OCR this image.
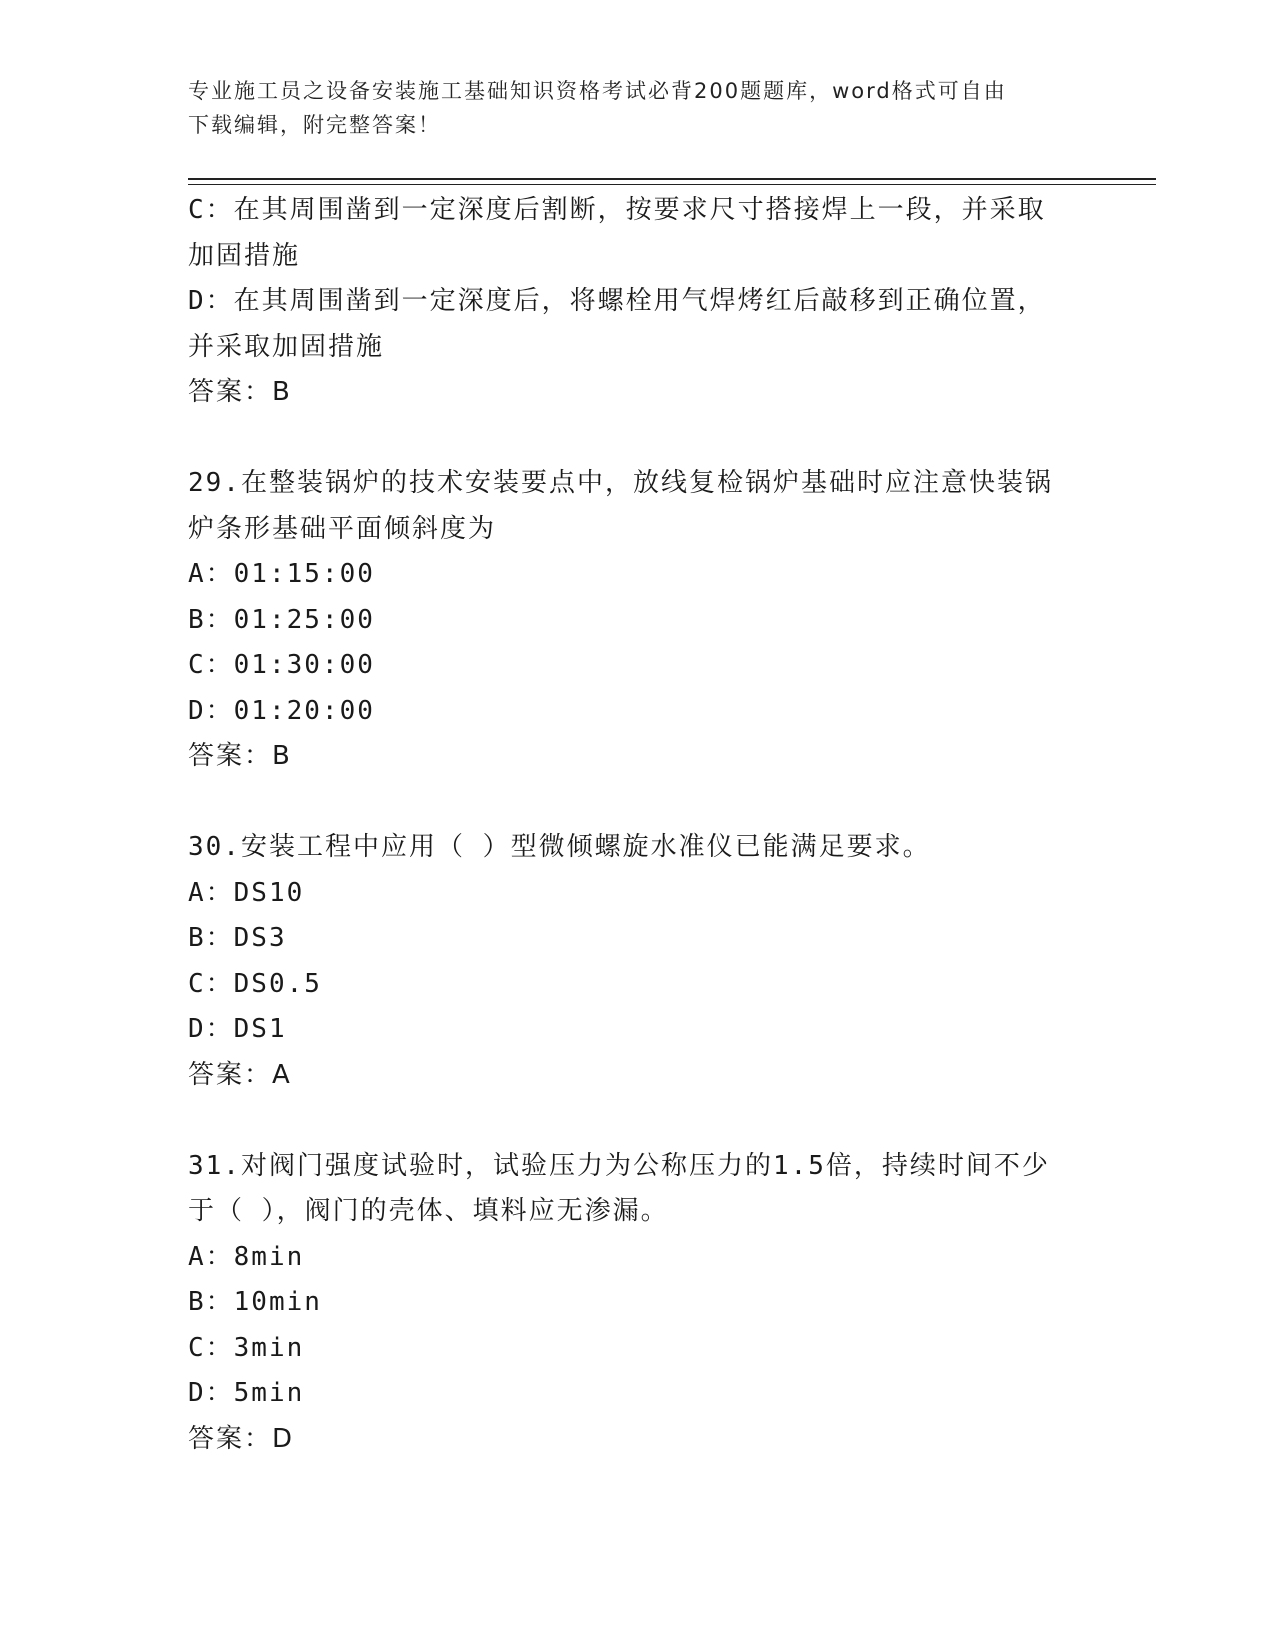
专业施工员之设备安装施工基础知识资格考试必背200题题库，word格式可自由
下载编辑，附完整答案！
C：在其周围凿到一定深度后割断，按要求尺寸搭接焊上一段，并采取
加固措施
D：在其周围凿到一定深度后，将螺栓用气焊烤红后敲移到正确位置，
并采取加固措施
答案：B
29.在整装锅炉的技术安装要点中，放线复检锅炉基础时应注意快装锅
炉条形基础平面倾斜度为
A：01:15:00
B：01:25:00
C：01:30:00
D：01:20:00
答案：B
30.安装工程中应用（ ）型微倾螺旋水准仪已能满足要求。
A：DS10
B：DS3
C：DS0.5
D：DS1
答案：A
31.对阀门强度试验时，试验压力为公称压力的1.5倍，持续时间不少
于（ ），阀门的壳体、填料应无渗漏。
A：8min
B：10min
C：3min
D：5min
答案：D
